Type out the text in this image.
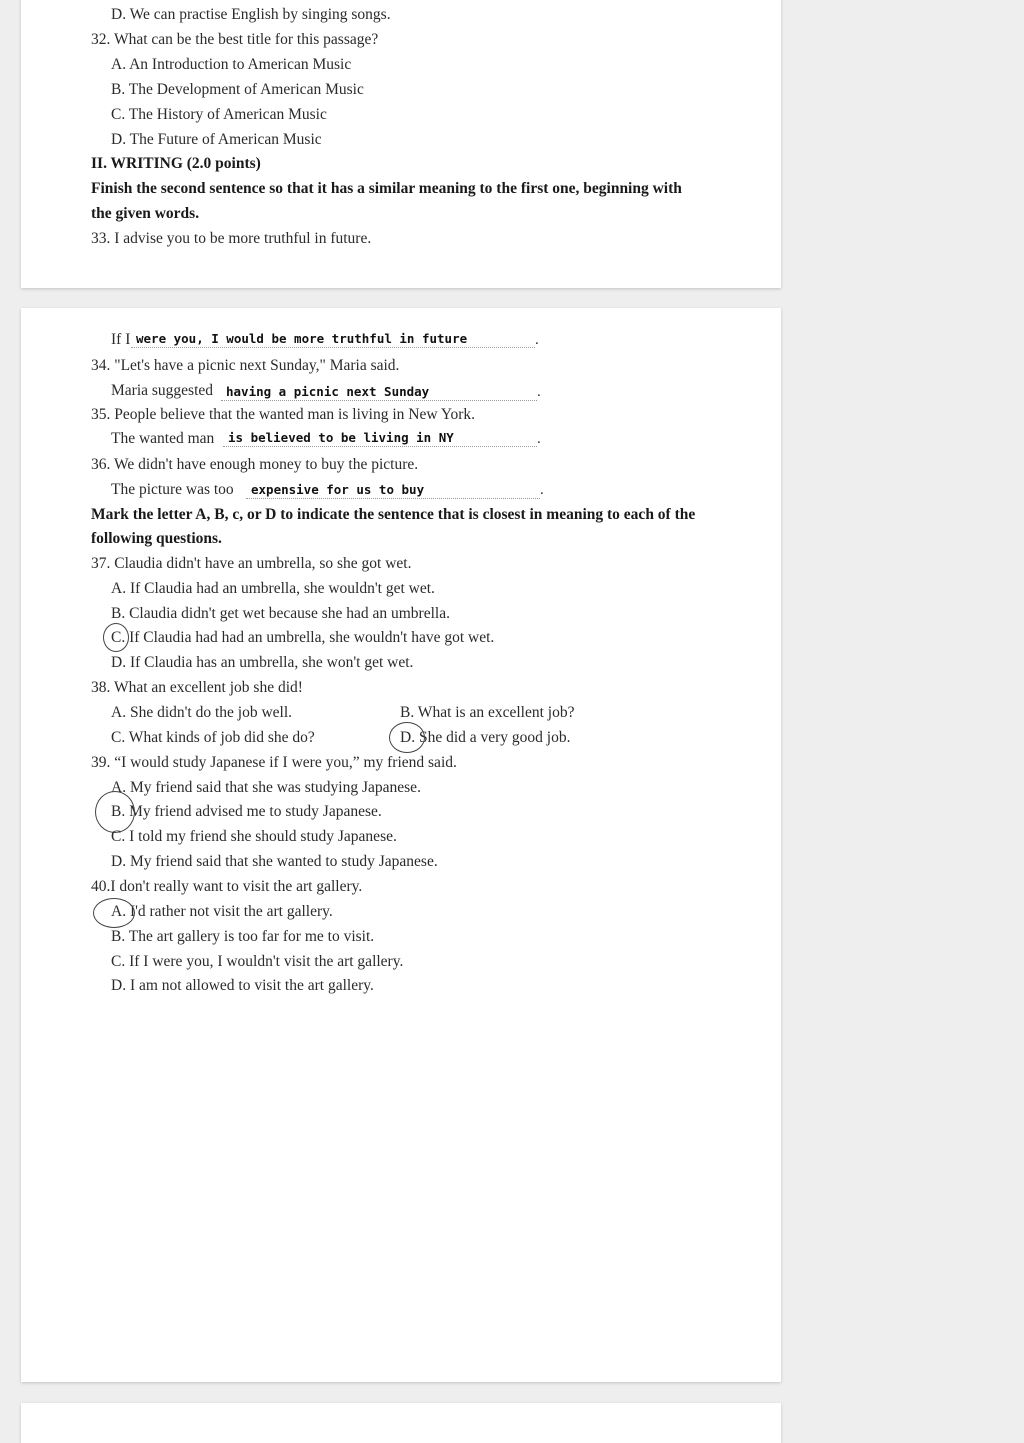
D. We can practise English by singing songs.
32. What can be the best title for this passage?
A. An Introduction to American Music
B. The Development of American Music
C. The History of American Music
D. The Future of American Music
II. WRITING (2.0 points)
Finish the second sentence so that it has a similar meaning to the first one, beginning with
the given words.
33. I advise you to be more truthful in future.
If I were you, I would be more truthful in future	.
34. "Let's have a picnic next Sunday," Maria said.
Maria suggested having a picnic next Sunday	.
35. People believe that the wanted man is living in New York.
The wanted man is believed to be living in NY	.
36. We didn't have enough money to buy the picture.
The picture was too expensive for us to buy	.
Mark the letter A, B, c, or D to indicate the sentence that is closest in meaning to each of the
following questions.
37. Claudia didn't have an umbrella, so she got wet.
A. If Claudia had an umbrella, she wouldn't get wet.
B. Claudia didn't get wet because she had an umbrella.
C. If Claudia had had an umbrella, she wouldn't have got wet.
D. If Claudia has an umbrella, she won't get wet.
38. What an excellent job she did!
A. She didn't do the job well.	B. What is an excellent job?
C. What kinds of job did she do?	D. She did a very good job.
39. “I would study Japanese if I were you,” my friend said.
A. My friend said that she was studying Japanese.
B. My friend advised me to study Japanese.
C. I told my friend she should study Japanese.
D. My friend said that she wanted to study Japanese.
40.I don't really want to visit the art gallery.
A. I'd rather not visit the art gallery.
B. The art gallery is too far for me to visit.
C. If I were you, I wouldn't visit the art gallery.
D. I am not allowed to visit the art gallery.
